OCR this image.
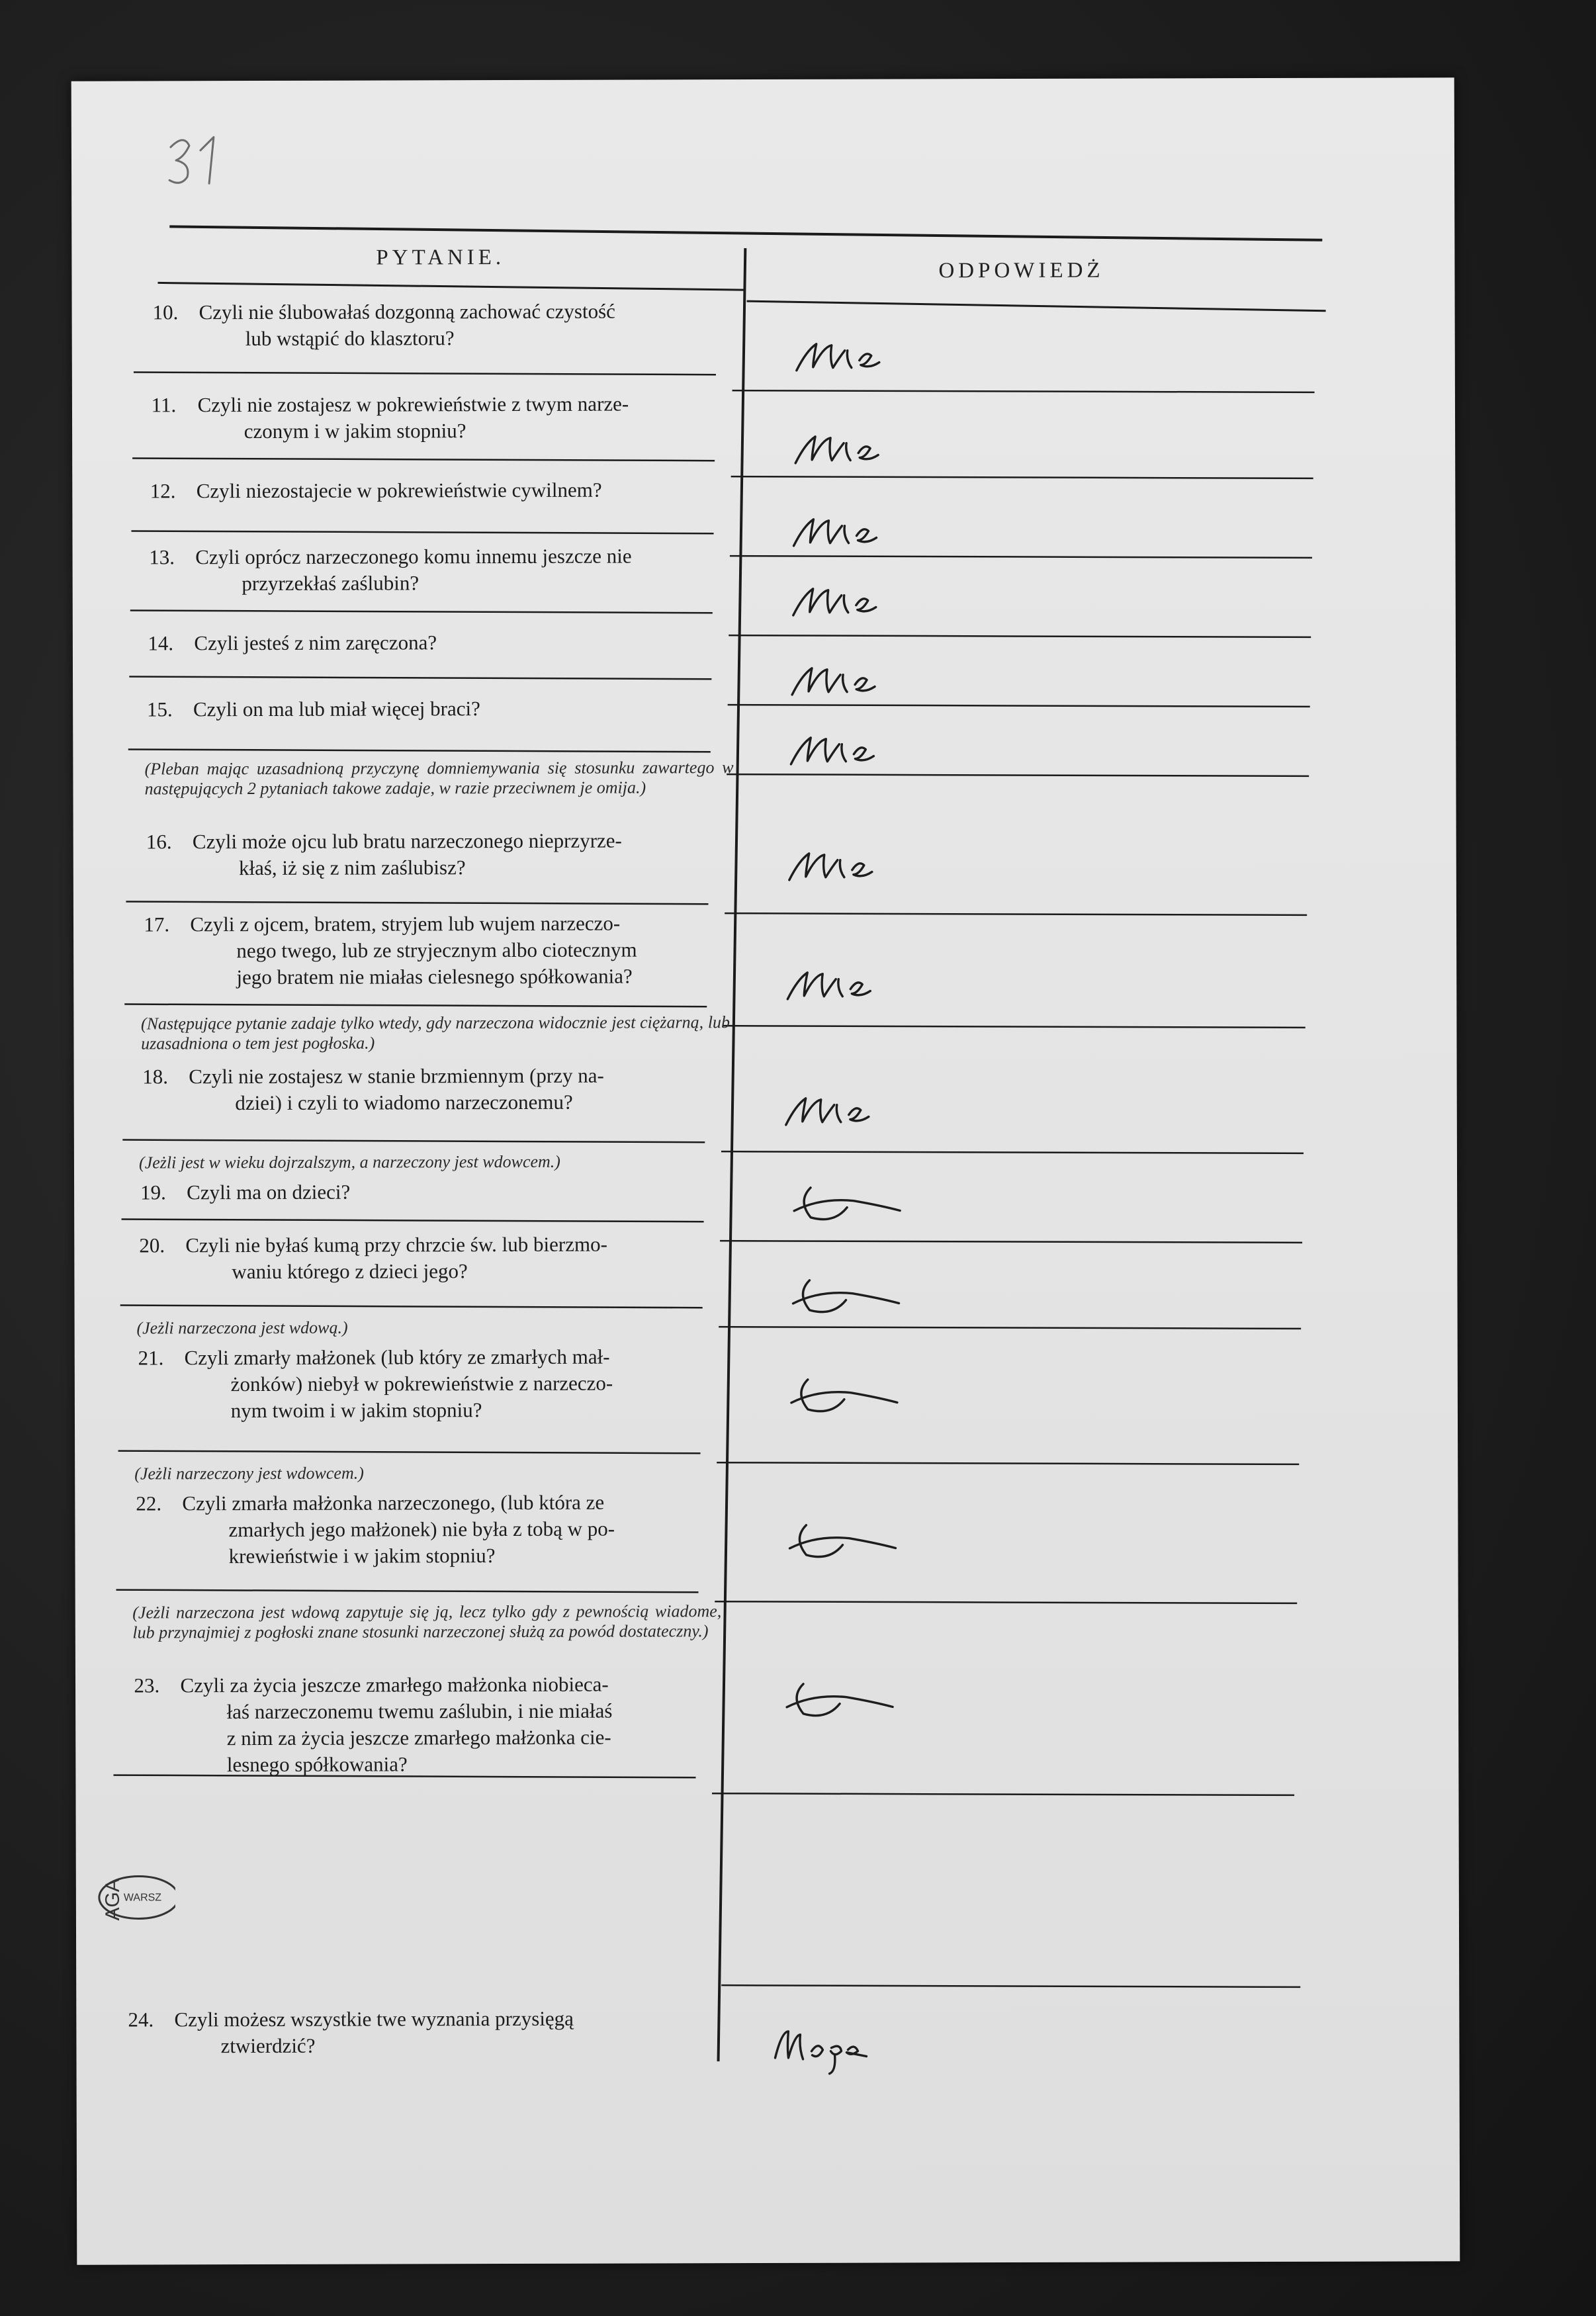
PYTANIE.
ODPOWIEDŻ
10. Czyli nie ślubowałaś dozgonną zachować czystość
lub wstąpić do klasztoru?
11. Czyli nie zostajesz w pokrewieństwie z twym narze-
czonym i w jakim stopniu?
12. Czyli niezostajecie w pokrewieństwie cywilnem?
13. Czyli oprócz narzeczonego komu innemu jeszcze nie
przyrzekłaś zaślubin?
14. Czyli jesteś z nim zaręczona?
15. Czyli on ma lub miał więcej braci?
(Pleban mając uzasadnioną przyczynę domniemywania się stosunku zawartego w następujących 2 pytaniach takowe zadaje, w razie przeciwnem je omija.)
16. Czyli może ojcu lub bratu narzeczonego nieprzyrze-
kłaś, iż się z nim zaślubisz?
17. Czyli z ojcem, bratem, stryjem lub wujem narzeczo-
nego twego, lub ze stryjecznym albo ciotecznym
jego bratem nie miałas cielesnego spółkowania?
(Następujące pytanie zadaje tylko wtedy, gdy narzeczona widocznie jest ciężarną, lub uzasadniona o tem jest pogłoska.)
18. Czyli nie zostajesz w stanie brzmiennym (przy na-
dziei) i czyli to wiadomo narzeczonemu?
(Jeżli jest w wieku dojrzalszym, a narzeczony jest wdowcem.)
19. Czyli ma on dzieci?
20. Czyli nie byłaś kumą przy chrzcie św. lub bierzmo-
waniu którego z dzieci jego?
(Jeżli narzeczona jest wdową.)
21. Czyli zmarły małżonek (lub który ze zmarłych mał-
żonków) niebył w pokrewieństwie z narzeczo-
nym twoim i w jakim stopniu?
(Jeżli narzeczony jest wdowcem.)
22. Czyli zmarła małżonka narzeczonego, (lub która ze
zmarłych jego małżonek) nie była z tobą w po-
krewieństwie i w jakim stopniu?
(Jeżli narzeczona jest wdową zapytuje się ją, lecz tylko gdy z pewnością wiadome, lub przynajmiej z pogłoski znane stosunki narzeczonej służą za powód dostateczny.)
23. Czyli za życia jeszcze zmarłego małżonka niobieca-
łaś narzeczonemu twemu zaślubin, i nie miałaś
z nim za życia jeszcze zmarłego małżonka cie-
lesnego spółkowania?
24. Czyli możesz wszystkie twe wyznania przysięgą
ztwierdzić?
WARSZ
AGA
